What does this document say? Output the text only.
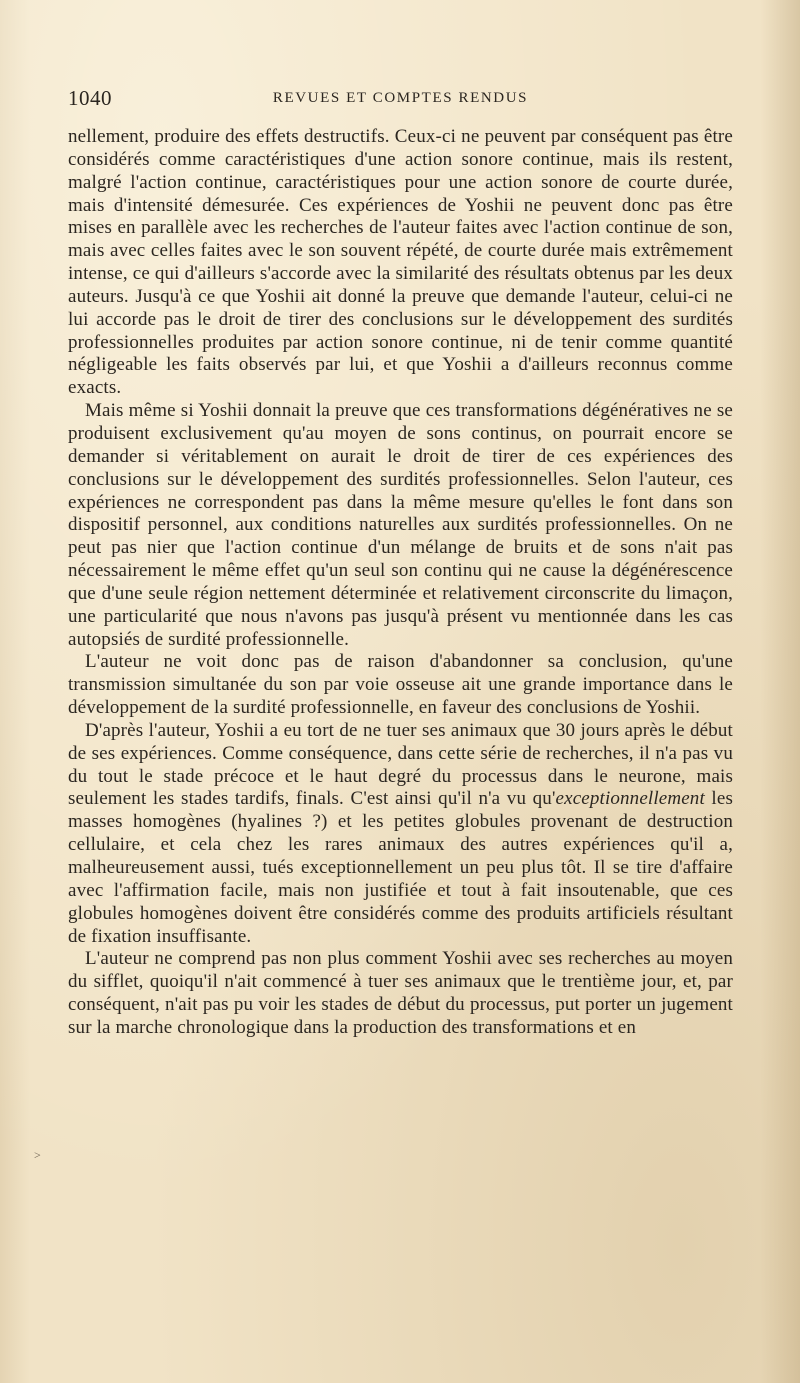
1040	REVUES ET COMPTES RENDUS

nellement, produire des effets destructifs. Ceux-ci ne peuvent par conséquent pas être considérés comme caractéristiques d'une action sonore continue, mais ils restent, malgré l'action continue, caractéristiques pour une action sonore de courte durée, mais d'intensité démesurée. Ces expériences de Yoshii ne peuvent donc pas être mises en parallèle avec les recherches de l'auteur faites avec l'action continue de son, mais avec celles faites avec le son souvent répété, de courte durée mais extrêmement intense, ce qui d'ailleurs s'accorde avec la similarité des résultats obtenus par les deux auteurs. Jusqu'à ce que Yoshii ait donné la preuve que demande l'auteur, celui-ci ne lui accorde pas le droit de tirer des conclusions sur le développement des surdités professionnelles produites par action sonore continue, ni de tenir comme quantité négligeable les faits observés par lui, et que Yoshii a d'ailleurs reconnus comme exacts.

Mais même si Yoshii donnait la preuve que ces transformations dégénératives ne se produisent exclusivement qu'au moyen de sons continus, on pourrait encore se demander si véritablement on aurait le droit de tirer de ces expériences des conclusions sur le développement des surdités professionnelles. Selon l'auteur, ces expériences ne correspondent pas dans la même mesure qu'elles le font dans son dispositif personnel, aux conditions naturelles aux surdités professionnelles. On ne peut pas nier que l'action continue d'un mélange de bruits et de sons n'ait pas nécessairement le même effet qu'un seul son continu qui ne cause la dégénérescence que d'une seule région nettement déterminée et relativement circonscrite du limaçon, une particularité que nous n'avons pas jusqu'à présent vu mentionnée dans les cas autopsiés de surdité professionnelle.

L'auteur ne voit donc pas de raison d'abandonner sa conclusion, qu'une transmission simultanée du son par voie osseuse ait une grande importance dans le développement de la surdité professionnelle, en faveur des conclusions de Yoshii.

D'après l'auteur, Yoshii a eu tort de ne tuer ses animaux que 30 jours après le début de ses expériences. Comme conséquence, dans cette série de recherches, il n'a pas vu du tout le stade précoce et le haut degré du processus dans le neurone, mais seulement les stades tardifs, finals. C'est ainsi qu'il n'a vu qu'exceptionnellement les masses homogènes (hyalines ?) et les petites globules provenant de destruction cellulaire, et cela chez les rares animaux des autres expériences qu'il a, malheureusement aussi, tués exceptionnellement un peu plus tôt. Il se tire d'affaire avec l'affirmation facile, mais non justifiée et tout à fait insoutenable, que ces globules homogènes doivent être considérés comme des produits artificiels résultant de fixation insuffisante.

L'auteur ne comprend pas non plus comment Yoshii avec ses recherches au moyen du sifflet, quoiqu'il n'ait commencé à tuer ses animaux que le trentième jour, et, par conséquent, n'ait pas pu voir les stades de début du processus, put porter un jugement sur la marche chronologique dans la production des transformations et en

˃
